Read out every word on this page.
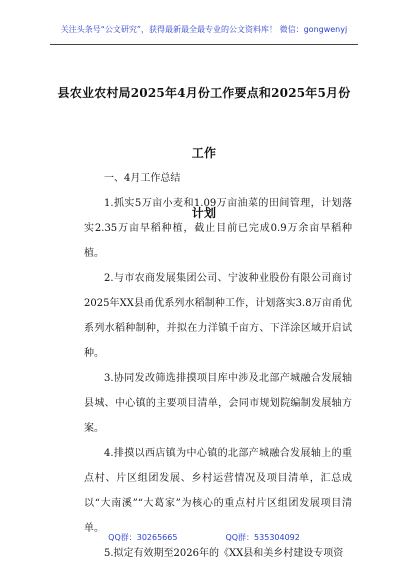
关注头条号“公文研究”，获得最新最全最专业的公文资料库！ 微信：gongwenyj
县农业农村局2025年4月份工作要点和2025年5月份工作
计划

一、4月工作总结

1.抓实5万亩小麦和1.09万亩油菜的田间管理，计划落实2.35万亩早稻种植，截止目前已完成0.9万余亩早稻种植。

2.与市农商发展集团公司、宁波种业股份有限公司商讨2025年XX县甬优系列水稻制种工作，计划落实3.8万亩甬优系列水稻种制种，并拟在力洋镇千亩方、下洋涂区域开启试种。

3.协同发改筛选排摸项目库中涉及北部产城融合发展轴县城、中心镇的主要项目清单，会同市规划院编制发展轴方案。

4.排摸以西店镇为中心镇的北部产城融合发展轴上的重点村、片区组团发展、乡村运营情况及项目清单，汇总成以“大南溪”“大葛家”为核心的重点村片区组团发展项目清单。

5.拟定有效期至2026年的《XX县和美乡村建设专项资

QQ群：30265665	QQ群：535304092
